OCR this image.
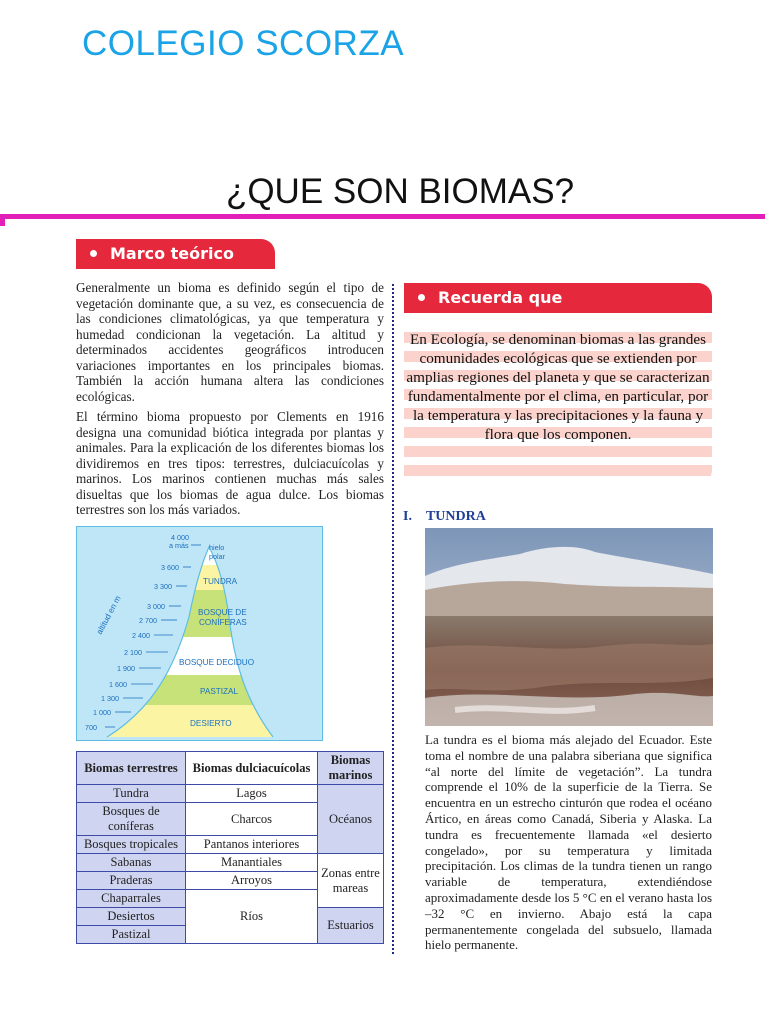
COLEGIO SCORZA
¿QUE SON BIOMAS?
Marco teórico
Generalmente un bioma es definido según el tipo de vegetación dominante que, a su vez, es consecuencia de las condiciones climatológicas, ya que temperatura y humedad condicionan la vegetación. La altitud y determinados accidentes geográficos introducen variaciones importantes en los principales biomas. También la acción humana altera las condiciones ecológicas.
El término bioma propuesto por Clements en 1916 designa una comunidad biótica integrada por plantas y animales. Para la explicación de los diferentes biomas los dividiremos en tres tipos: terrestres, dulciacuícolas y marinos. Los marinos contienen muchas más sales disueltas que los biomas de agua dulce. Los biomas terrestres son los más variados.
4 000
a más
3 600
3 300
3 000
2 700
2 400
2 100
1 900
1 600
1 300
1 000
700
altitud en m
hielo
polar
TUNDRA
BOSQUE DE
CONÍFERAS
BOSQUE DECIDUO
PASTIZAL
DESIERTO
Biomas terrestres	Biomas dulciacuícolas	Biomas marinos
Tundra	Lagos	Océanos
Bosques de coníferas	Charcos	
Bosques tropicales	Pantanos interiores	
Sabanas	Manantiales	Zonas entre mareas
Praderas	Arroyos	
Chaparrales	Ríos	
Desiertos		Estuarios
Pastizal		
Recuerda que
En Ecología, se denominan biomas a las grandes comunidades ecológicas que se extienden por amplias regiones del planeta y que se caracterizan fundamentalmente por el clima, en particular, por la temperatura y las precipitaciones y la fauna y flora que los componen.
I. TUNDRA
La tundra es el bioma más alejado del Ecuador. Este toma el nombre de una palabra siberiana que significa “al norte del límite de vegetación”. La tundra comprende el 10% de la superficie de la Tierra. Se encuentra en un estrecho cinturón que rodea el océano Ártico, en áreas como Canadá, Siberia y Alaska. La tundra es frecuentemente llamada «el desierto congelado», por su temperatura y limitada precipitación. Los climas de la tundra tienen un rango variable de temperatura, extendiéndose aproximadamente desde los 5 °C en el verano hasta los –32 °C en invierno. Abajo está la capa permanentemente congelada del subsuelo, llamada hielo permanente.
